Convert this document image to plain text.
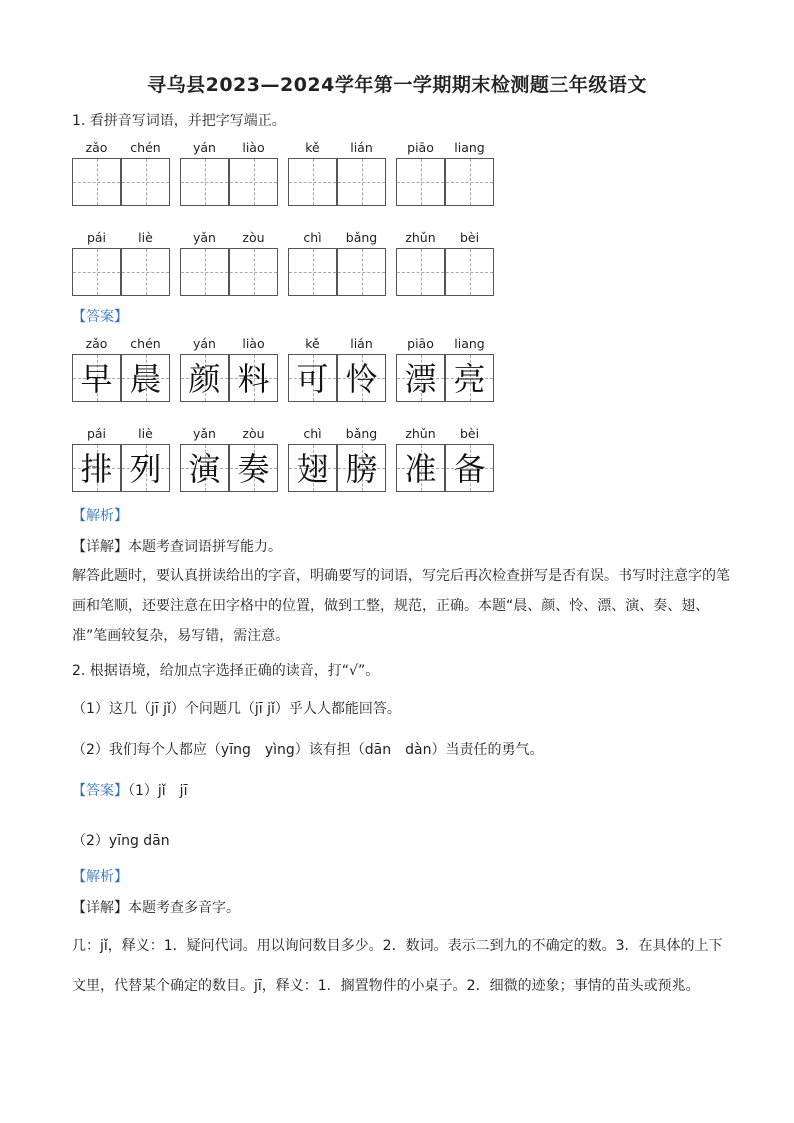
寻乌县2023—2024学年第一学期期末检测题三年级语文
1. 看拼音写词语，并把字写端正。
zǎo	chén	yán	liào	kě	lián	piāo	liang
pái	liè	yǎn	zòu	chì	bǎng	zhǔn	bèi
【答案】
zǎo	chén
早 晨
yán	liào
颜 料
kě	lián
可 怜
piāo	liang
漂 亮
pái	liè
排 列
yǎn	zòu
演 奏
chì	bǎng
翅 膀
zhǔn	bèi
准 备
【解析】
【详解】本题考查词语拼写能力。
解答此题时，要认真拼读给出的字音，明确要写的词语，写完后再次检查拼写是否有误。书写时注意字的笔画和笔顺，还要注意在田字格中的位置，做到工整，规范，正确。本题“晨、颜、怜、漂、演、奏、翅、准”笔画较复杂，易写错，需注意。
2. 根据语境，给加点字选择正确的读音，打“√”。
（1）这几（jī jǐ）个问题几（jī jǐ）乎人人都能回答。
（2）我们每个人都应（yīng　yìng）该有担（dān　dàn）当责任的勇气。
【答案】（1）jǐ　jī
（2）yīng dān
【解析】
【详解】本题考查多音字。
几：jǐ，释义：1．疑问代词。用以询问数目多少。2．数词。表示二到九的不确定的数。3．在具体的上下文里，代替某个确定的数目。jī，释义：1．搁置物件的小桌子。2．细微的迹象；事情的苗头或预兆。
